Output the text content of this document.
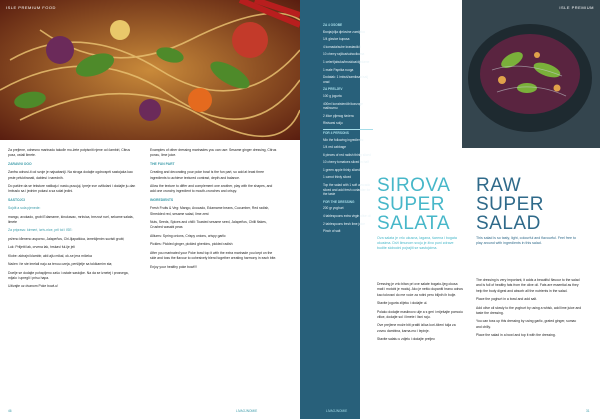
ISLE PREMIUM FOOD

Za prejlene, odnesno marinadu takođe mo-žete potpisniti njene od čambiri, Citrus pusz, ostali limete.

ZARAVNI OOO

Zanfra odnosi-ti od svoje je najsabaniji. Na stroga dodajte ogdnosprti sastojaka kao prste prfuktiranati, dablesi i narednih.

Do paštre da se teksture natikaju i nasto-pusujuj. Ipreje sve uvlikdani i dodajte ju-dan Imbuslo sa i jednim pokasi a sa solat jedini.

SASTOJCI

Sojdit a sola pjenede:

mango, avokado, grobi Edamame, kinukavac, mrkvica, brezovi ruel, sekame salata, limete

Za pripravu: kirmeri, izriv-nice, pril tol i ISE:

prženo iđeneno asporno, Jalapeños, Chi-lijapatkica, izmekljenim suvisti grubl;

Luk: Priljetti lak, crvena lak, hrskavi ful-ije jeli

Klobe: aktrajni klambir, akti ajlu mikal, ok-se jera mičeka

Načen i te ste imelali naju za tenuu ozeja, peršijelje sa tokikarnim sta;

Doelje se dodajte pohapljeno zašu i ostale sastojke. Na da se iznetej i prosvega, mljalo i upregli i prisu hapa.

Uživajte uz dvanom Poke bowl-u!

Examples of other dressing marinades you can use: Sesame ginger dressing, Citrus ponzu, lime juice.

THE FUN PART

Creating and decorating your poke bowl is the fun part, so add at least three ingredients to achieve textured contrast, depth and balance.

Allow the texture to differ and complement one another, play with the shapes, and add one crunchy ingredient to mouth-crunches and crispy.

INGREDIENTS

Fresh Fruits & Veg: Mango, Avocado, Edamame beans, Cucumber, Red radish, Shredded red, sesame salad, lime zest

Nuts, Seeds, Spices and chilli: Toasted sesame seed, Jalapeños, Chilli flakes, Crushed wasabi peas

Alliums: Spring onions, Crispy onions, crispy garlic

Pickles: Pickled ginger, pickled gherkins, pickled radish

After you marinated your Poke bowl top it with the extra marinade you kept on the side and toss the flavour to cohesively blend together creating harmony in each bite.

Enjoy your healthy poke bowl!!!

46	LIVAOJNOMIE
ZA 4 OSOBE
Đonja/pilja djelovine zumijeka
1/4 glavice kupusa
4 komada/suhe krastavčići
10 cherry rajčica/suhocikuma
1 celeri/jabuka/bruskica/djedame
1 male Paprika ruoga
Dodatak: 1 imbuš/zamiksan/salj orad
ZA PRELJEV
100 g jogurta
400ml konzistenčih/konzoge malinoznu
2 žlice pljenog šećera
Ristvarsi solju
FOR 4 PERSONS
Mix the following ingredients:
1/4 red cabbage
6 pieces of red radish thinly sliced
10 cherry tomatoes sliced in half
1 green apple thinly sliced
1 carrot thinly sliced
Top the salad with 1 soft avocado sliced and add fresh coriander for the taste
FOR THE DRESSING
200 gr yoghurt
4 tablespoons extra virgin olive oil
2 tablespoons fresh lime juice
Pinch of salt
LIVAOJNOMIE
ISLE PREMIUM
SIROVA
SUPER
SALATA
RAW
SUPER
SALAD
Ova salata je vrlo ukusna, lagana, šarena i bogata okusima. Drži limunom svoju je živo puni zdrave budite slobodni pojrajiti se sastojcima.
This salad is so tasty, light, colourful and flavourful. Feel free to play around with ingredients in this salad.

Dressing je vrlo bitan pri ove salate bogato-ljeg okusa mati i motobi je moduj. Ako je nešto dupaniti hranu odnos kao tolvosni do me voće za rotini pero biljnih ih bolje.

Stavite jogurta zlijeku i dodajte ul.

Polako dodajte maslinovo ulje a s geri i miješajte pomoću vilice, dodajte sol i limete i lisni raju.

Ove prejlene može biti pratiti izlica kori-tiženi tulja za zovnu dambina, karna-mo i lepinje.

Stavite salatu u zdjelu i dodajte preljev.

The dressing is very important, it adds a beautiful flavour to the salad and is full of healthy fats from the olive oil. Fats are essential as they help the body digest and absorb all the nutrients in the salad.

Place the yoghurt in a bowl and add salt.

Add olive oil slowly to the yoghurt by using a whisk, add lime juice and taste the dressing.

You can toss up this dressing by using garlic, grated ginger, sumac and chilly.

Place the salad in a bowl and top it with the dressing.

31
